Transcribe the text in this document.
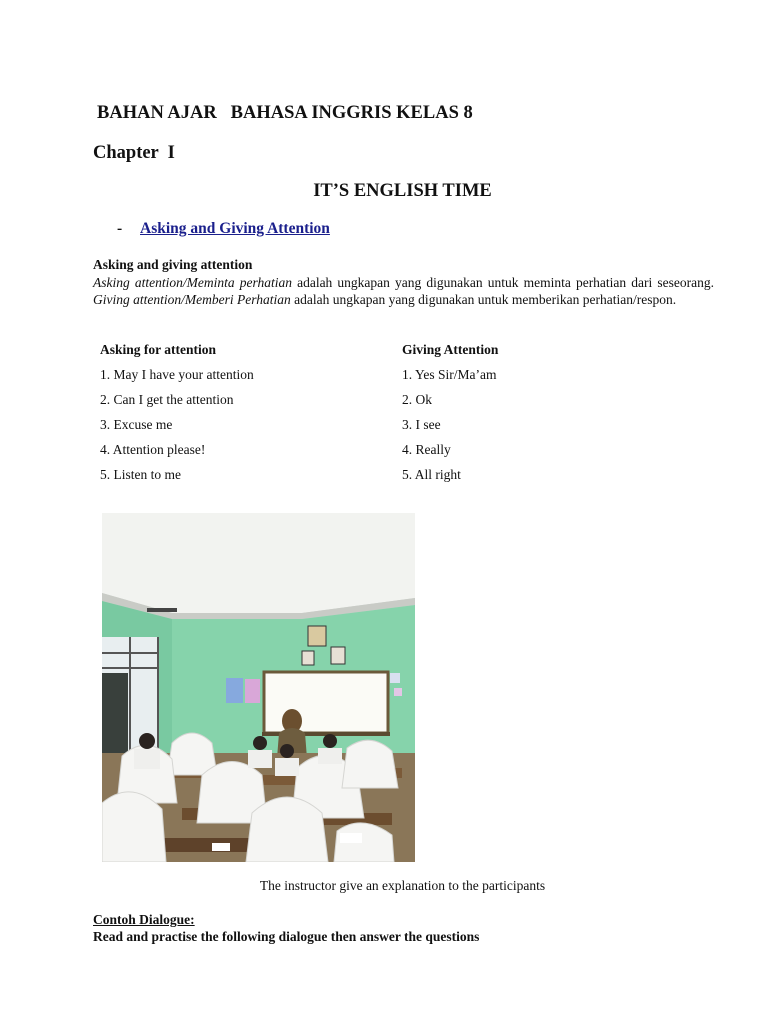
BAHAN AJAR   BAHASA INGGRIS KELAS 8
Chapter  I
IT’S ENGLISH TIME
- Asking and Giving Attention
Asking and giving attention
Asking attention/Meminta perhatian adalah ungkapan yang digunakan untuk meminta perhatian dari seseorang. Giving attention/Memberi Perhatian adalah ungkapan yang digunakan untuk memberikan perhatian/respon.
Asking for attention	Giving Attention
1. May I have your attention	1. Yes Sir/Ma’am
2. Can I get the attention	2. Ok
3. Excuse me	3. I see
4. Attention please!	4. Really
5. Listen to me	5. All right
The instructor give an explanation to the participants
Contoh Dialogue:
Read and practise the following dialogue then answer the questions
